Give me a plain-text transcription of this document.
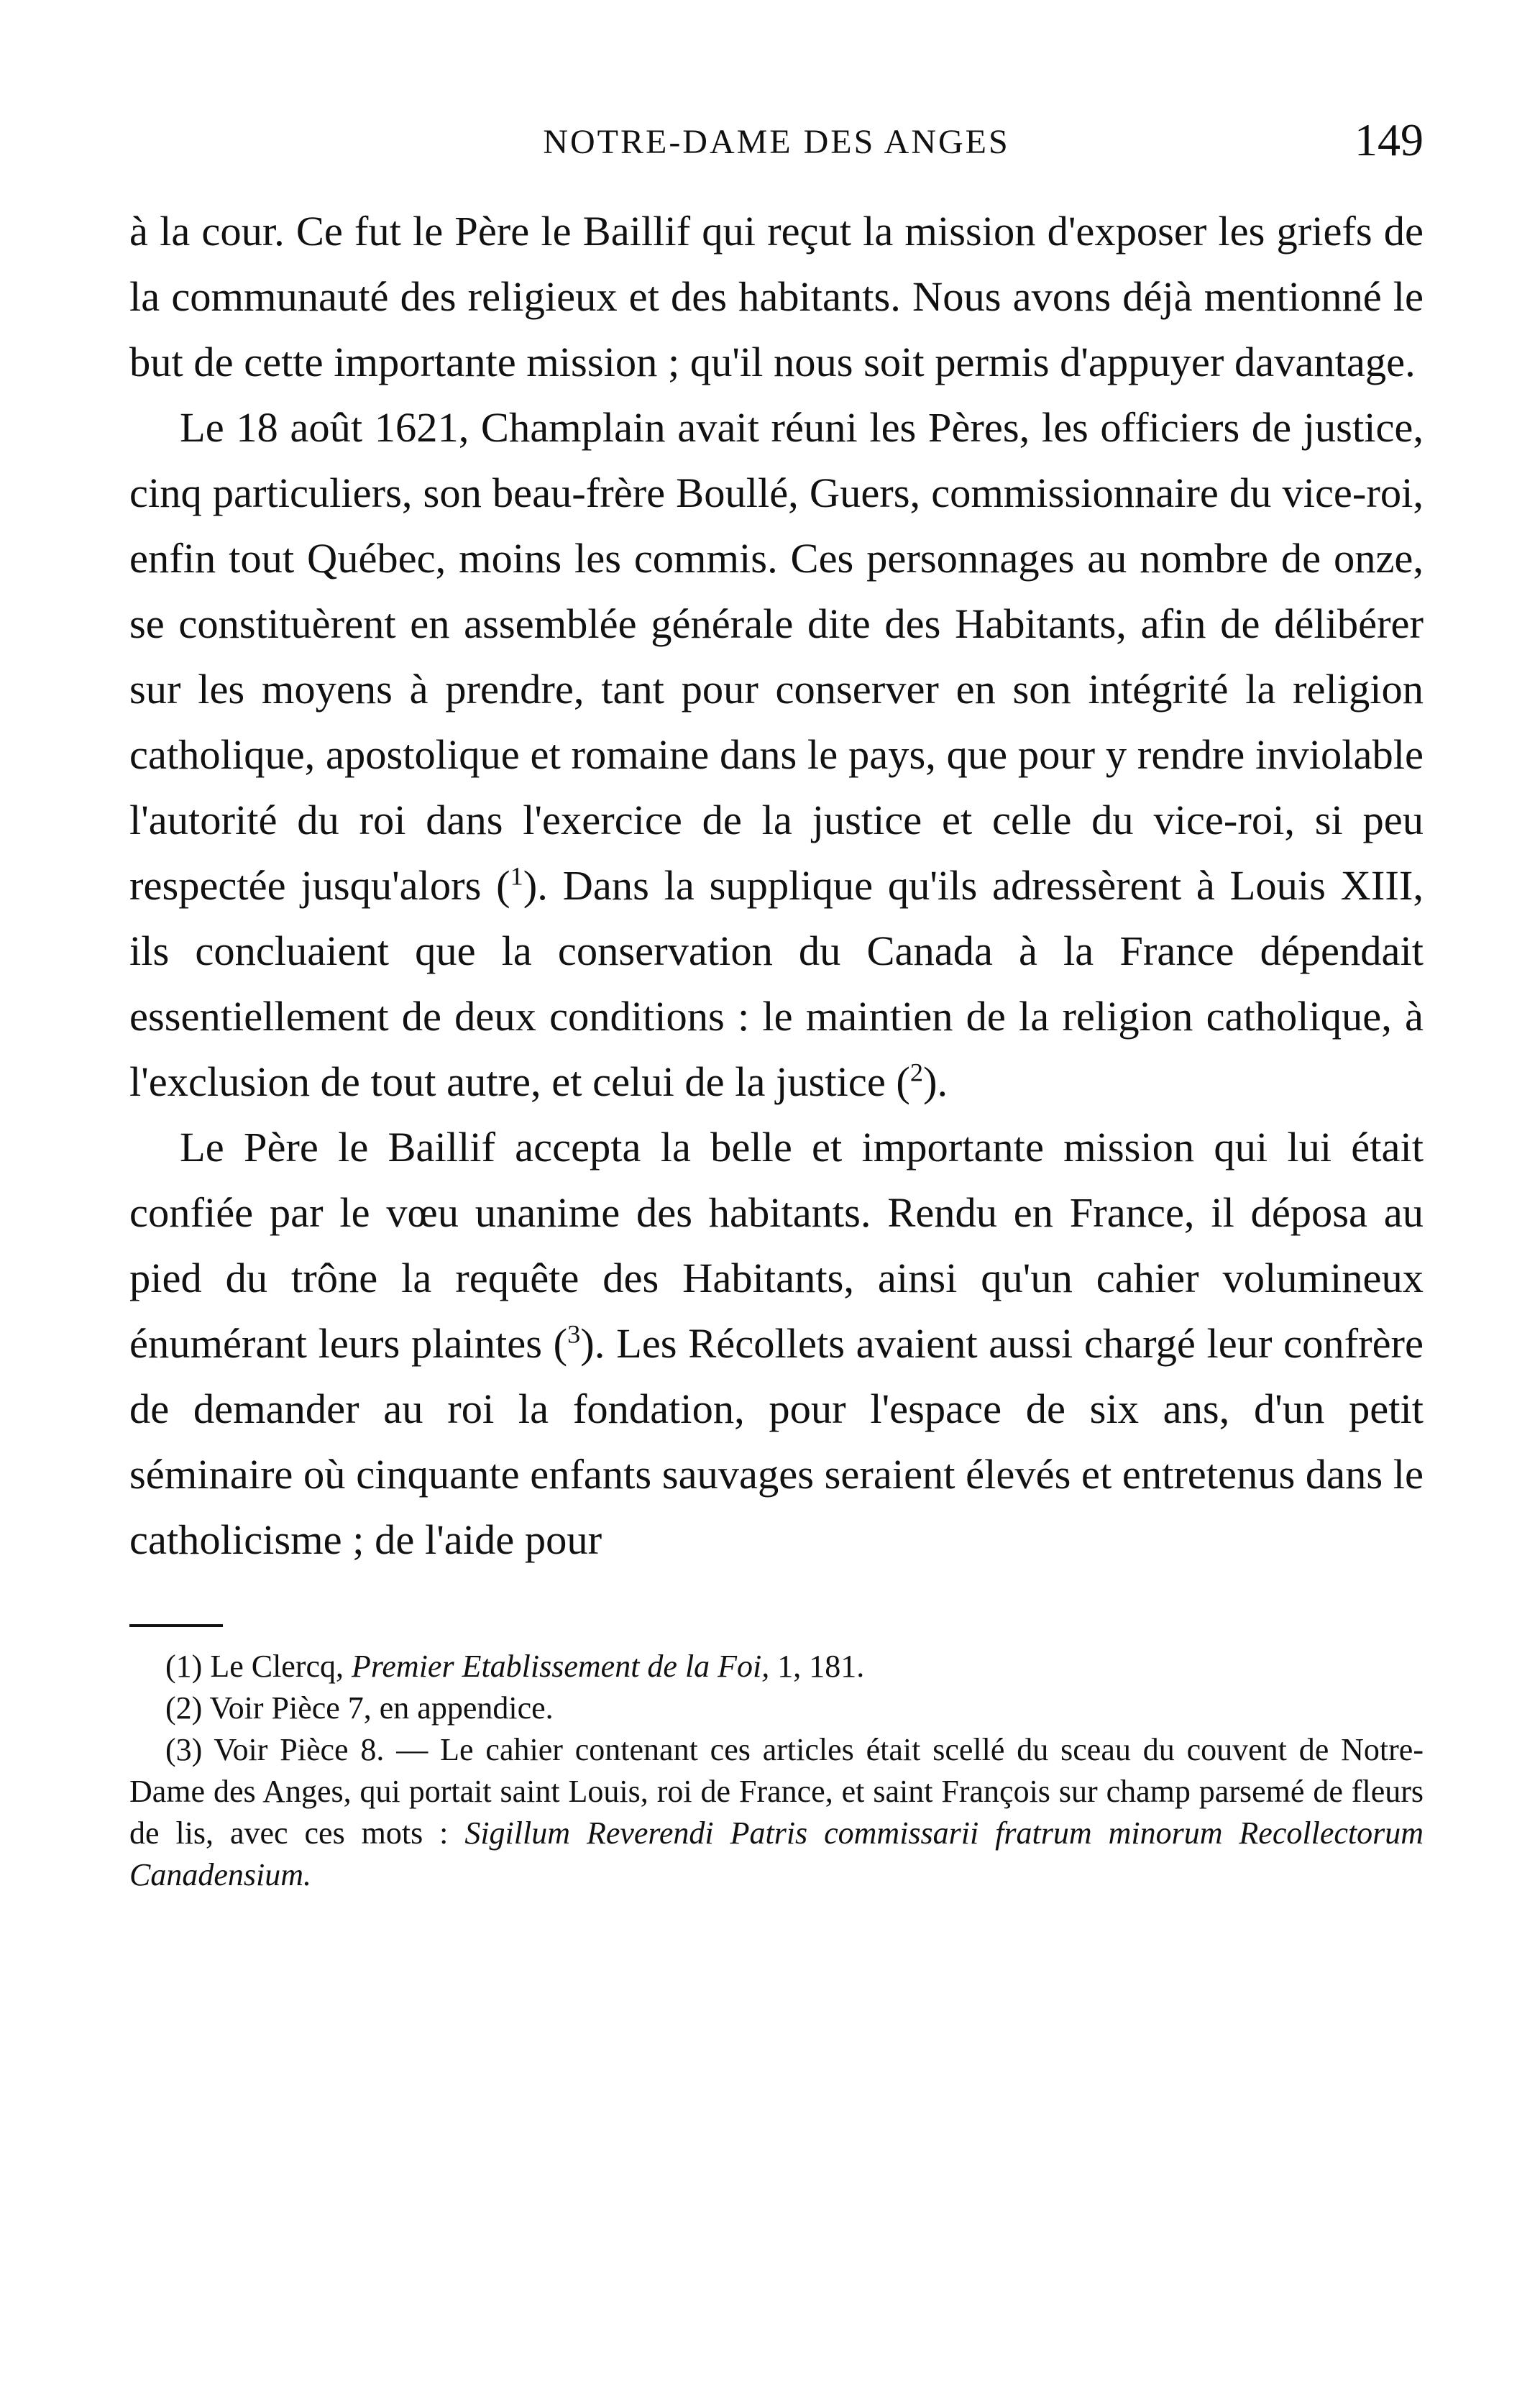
NOTRE-DAME DES ANGES	149

à la cour. Ce fut le Père le Baillif qui reçut la mission d'exposer les griefs de la communauté des religieux et des habitants. Nous avons déjà mentionné le but de cette importante mission ; qu'il nous soit permis d'appuyer davantage.

Le 18 août 1621, Champlain avait réuni les Pères, les officiers de justice, cinq particuliers, son beau-frère Boullé, Guers, commissionnaire du vice-roi, enfin tout Québec, moins les commis. Ces personnages au nombre de onze, se constituèrent en assemblée générale dite des Habitants, afin de délibérer sur les moyens à prendre, tant pour conserver en son intégrité la religion catholique, apostolique et romaine dans le pays, que pour y rendre inviolable l'autorité du roi dans l'exercice de la justice et celle du vice-roi, si peu respectée jusqu'alors ($^1$). Dans la supplique qu'ils adressèrent à Louis XIII, ils concluaient que la conservation du Canada à la France dépendait essentiellement de deux conditions : le maintien de la religion catholique, à l'exclusion de tout autre, et celui de la justice ($^2$).

Le Père le Baillif accepta la belle et importante mission qui lui était confiée par le vœu unanime des habitants. Rendu en France, il déposa au pied du trône la requête des Habitants, ainsi qu'un cahier volumineux énumérant leurs plaintes ($^3$). Les Récollets avaient aussi chargé leur confrère de demander au roi la fondation, pour l'espace de six ans, d'un petit séminaire où cinquante enfants sauvages seraient élevés et entretenus dans le catholicisme ; de l'aide pour

(1) Le Clercq, Premier Etablissement de la Foi, 1, 181.

(2) Voir Pièce 7, en appendice.

(3) Voir Pièce 8. — Le cahier contenant ces articles était scellé du sceau du couvent de Notre-Dame des Anges, qui portait saint Louis, roi de France, et saint François sur champ parsemé de fleurs de lis, avec ces mots : Sigillum Reverendi Patris commissarii fratrum minorum Recollectorum Canadensium.
